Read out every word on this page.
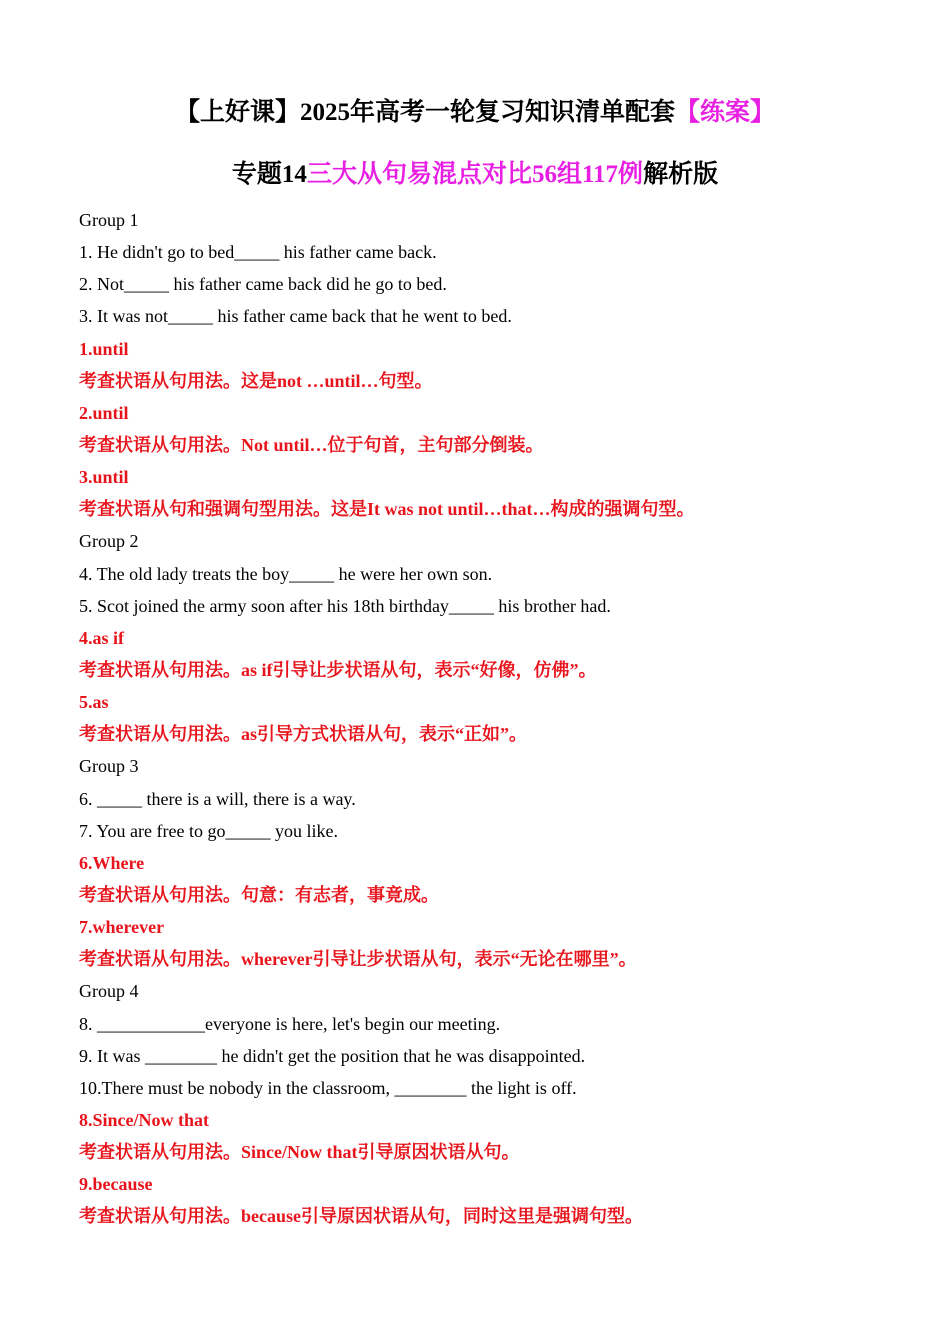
【上好课】2025年高考一轮复习知识清单配套【练案】
专题14三大从句易混点对比56组117例解析版
Group 1
1. He didn't go to bed_____ his father came back.
2. Not_____ his father came back did he go to bed.
3. It was not_____ his father came back that he went to bed.
1.until
考查状语从句用法。这是not …until…句型。
2.until
考查状语从句用法。Not until…位于句首，主句部分倒装。
3.until
考查状语从句和强调句型用法。这是It was not until…that…构成的强调句型。
Group 2
4. The old lady treats the boy_____ he were her own son.
5. Scot joined the army soon after his 18th birthday_____ his brother had.
4.as if
考查状语从句用法。as if引导让步状语从句，表示“好像，仿佛”。
5.as
考查状语从句用法。as引导方式状语从句，表示“正如”。
Group 3
6. _____ there is a will, there is a way.
7. You are free to go_____ you like.
6.Where
考查状语从句用法。句意：有志者，事竟成。
7.wherever
考查状语从句用法。wherever引导让步状语从句，表示“无论在哪里”。
Group 4
8. ____________everyone is here, let's begin our meeting.
9. It was ________ he didn't get the position that he was disappointed.
10.There must be nobody in the classroom, ________ the light is off.
8.Since/Now that
考查状语从句用法。Since/Now that引导原因状语从句。
9.because
考查状语从句用法。because引导原因状语从句，同时这里是强调句型。
